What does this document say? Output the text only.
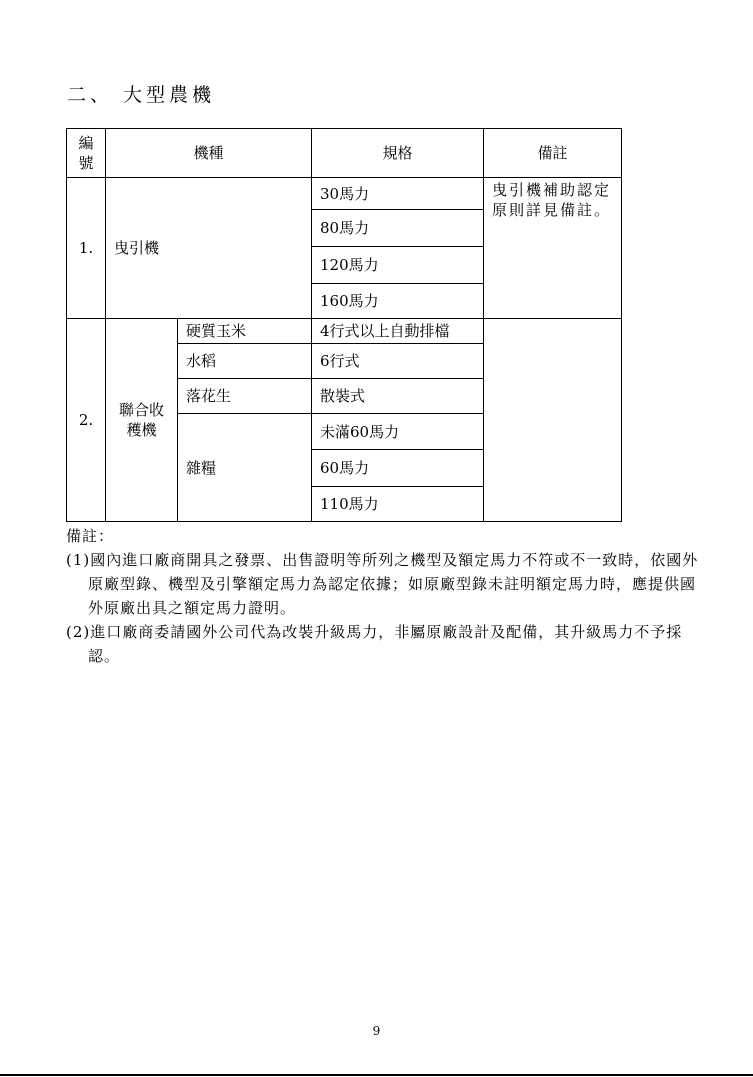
二、 大型農機
編
號	機種		規格	備註
1.	曳引機		30馬力	曳引機補助認定原則詳見備註。
			80馬力	
			120馬力	
			160馬力	
2.	聯合收穫機	硬質玉米	4行式以上自動排檔	
		水稻	6行式	
		落花生	散裝式	
		雜糧	未滿60馬力	
			60馬力	
			110馬力	
備註：
(1)國內進口廠商開具之發票、出售證明等所列之機型及額定馬力不符或不一致時，依國外原廠型錄、機型及引擎額定馬力為認定依據；如原廠型錄未註明額定馬力時，應提供國外原廠出具之額定馬力證明。
(2)進口廠商委請國外公司代為改裝升級馬力，非屬原廠設計及配備，其升級馬力不予採認。
9
